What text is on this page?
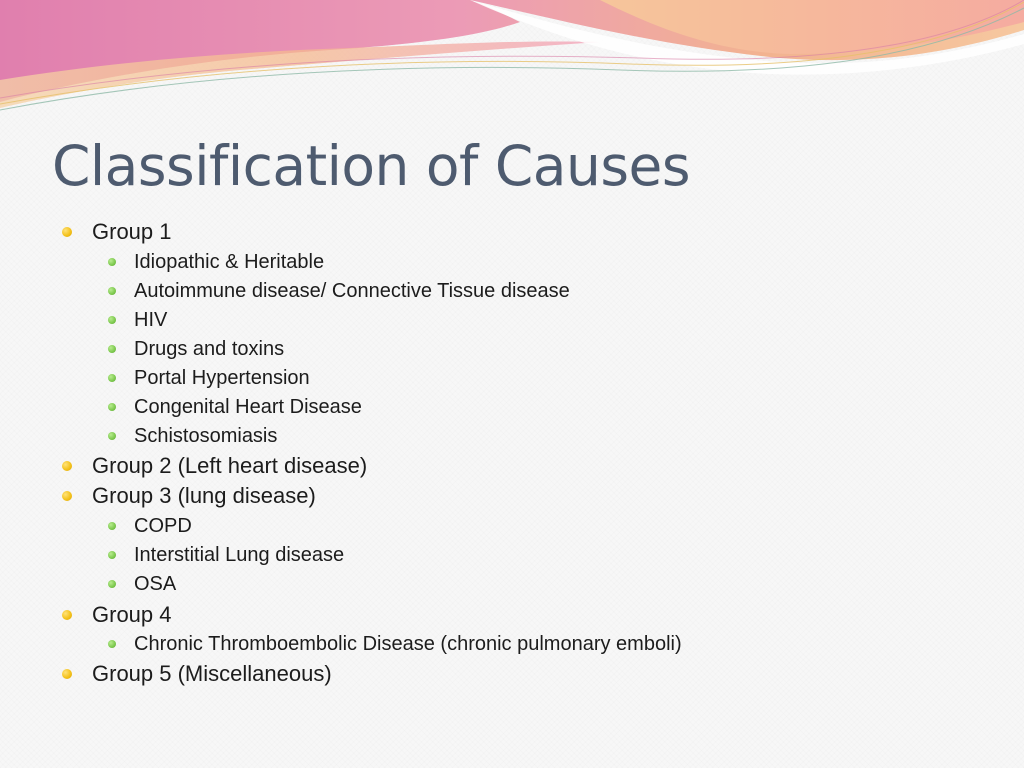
Classification of Causes
Group 1
Idiopathic & Heritable
Autoimmune disease/ Connective Tissue disease
HIV
Drugs and toxins
Portal Hypertension
Congenital Heart Disease
Schistosomiasis
Group 2 (Left heart disease)
Group 3 (lung disease)
COPD
Interstitial Lung disease
OSA
Group 4
Chronic Thromboembolic Disease (chronic pulmonary emboli)
Group 5 (Miscellaneous)
